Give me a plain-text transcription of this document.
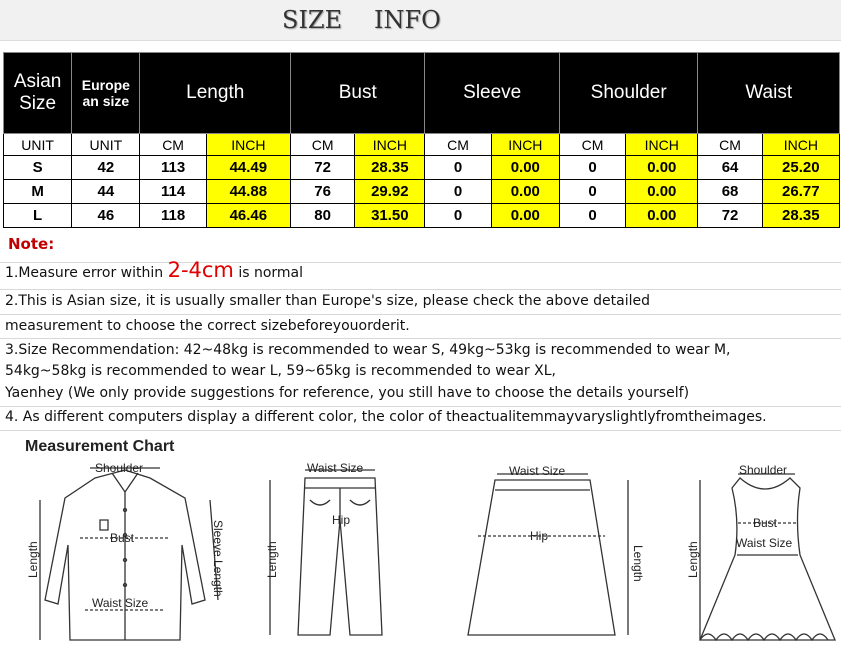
SIZE INFO
Asian Size	Europe an size	Length		Bust		Sleeve		Shoulder		Waist	
UNIT	UNIT	CM	INCH	CM	INCH	CM	INCH	CM	INCH	CM	INCH
S	42	113	44.49	72	28.35	0	0.00	0	0.00	64	25.20
M	44	114	44.88	76	29.92	0	0.00	0	0.00	68	26.77
L	46	118	46.46	80	31.50	0	0.00	0	0.00	72	28.35
Note:
1.Measure error within 2-4cm is normal
2.This is Asian size, it is usually smaller than Europe's size, please check the above detailed
measurement to choose the correct sizebeforeyouorderit.
3.Size Recommendation: 42~48kg is recommended to wear S, 49kg~53kg is recommended to wear M,
54kg~58kg is recommended to wear L, 59~65kg is recommended to wear XL,
Yaenhey (We only provide suggestions for reference, you still have to choose the details yourself)
4. As different computers display a different color, the color of theactualitemmayvaryslightlyfromtheimages.
Measurement Chart
Shoulder
Bust
Waist Size
Length	Sleeve Length
Waist Size
Hip
Length
Waist Size
Hip
Length
Shoulder
Bust
Waist Size
Length
